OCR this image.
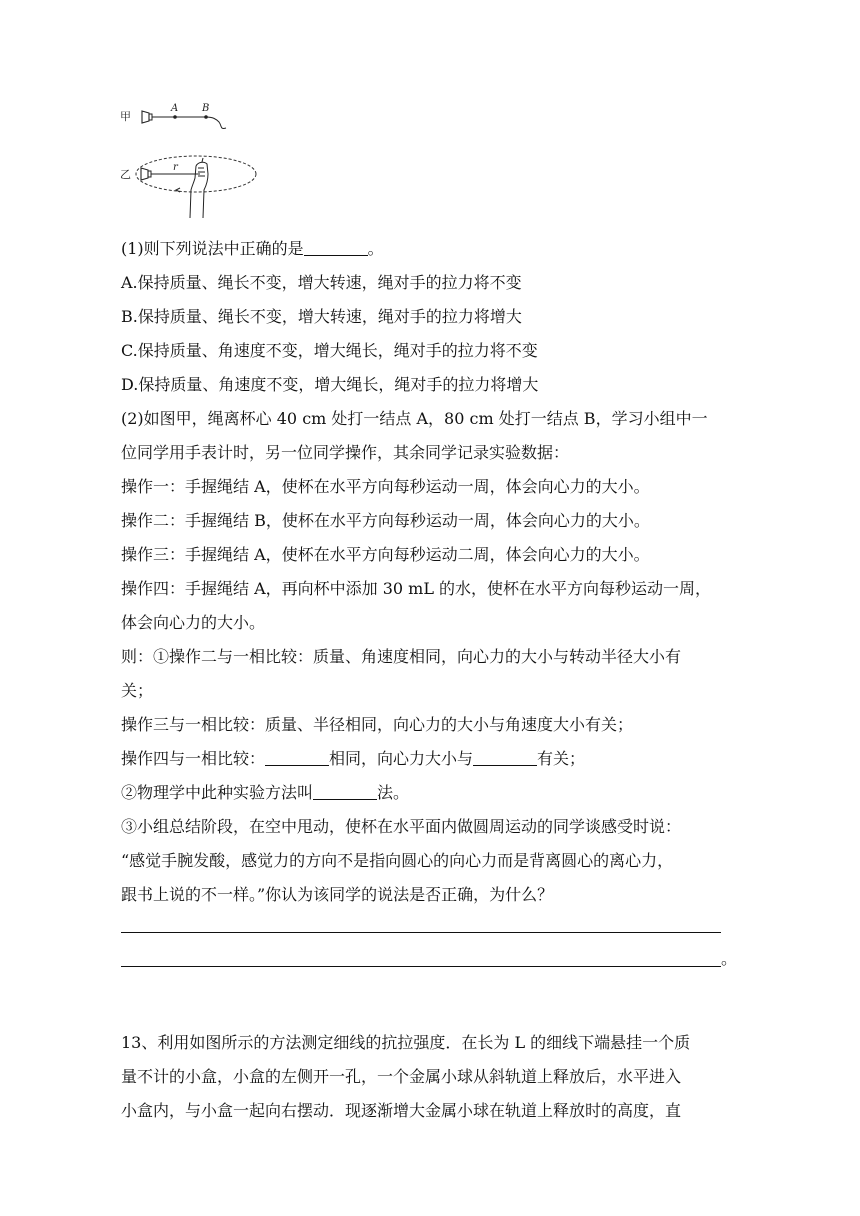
甲
A B
乙
r
(1)则下列说法中正确的是	。
A.保持质量、绳长不变，增大转速，绳对手的拉力将不变
B.保持质量、绳长不变，增大转速，绳对手的拉力将增大
C.保持质量、角速度不变，增大绳长，绳对手的拉力将不变
D.保持质量、角速度不变，增大绳长，绳对手的拉力将增大
(2)如图甲，绳离杯心 40 cm 处打一结点 A，80 cm 处打一结点 B，学习小组中一
位同学用手表计时，另一位同学操作，其余同学记录实验数据：
操作一：手握绳结 A，使杯在水平方向每秒运动一周，体会向心力的大小。
操作二：手握绳结 B，使杯在水平方向每秒运动一周，体会向心力的大小。
操作三：手握绳结 A，使杯在水平方向每秒运动二周，体会向心力的大小。
操作四：手握绳结 A，再向杯中添加 30 mL 的水，使杯在水平方向每秒运动一周，
体会向心力的大小。
则：①操作二与一相比较：质量、角速度相同，向心力的大小与转动半径大小有
关；
操作三与一相比较：质量、半径相同，向心力的大小与角速度大小有关；
操作四与一相比较：	相同，向心力大小与	有关；
②物理学中此种实验方法叫	法。
③小组总结阶段，在空中甩动，使杯在水平面内做圆周运动的同学谈感受时说：
“感觉手腕发酸，感觉力的方向不是指向圆心的向心力而是背离圆心的离心力，
跟书上说的不一样。”你认为该同学的说法是否正确，为什么？
。
13、利用如图所示的方法测定细线的抗拉强度．在长为 L 的细线下端悬挂一个质
量不计的小盒，小盒的左侧开一孔，一个金属小球从斜轨道上释放后，水平进入
小盒内，与小盒一起向右摆动．现逐渐增大金属小球在轨道上释放时的高度，直
